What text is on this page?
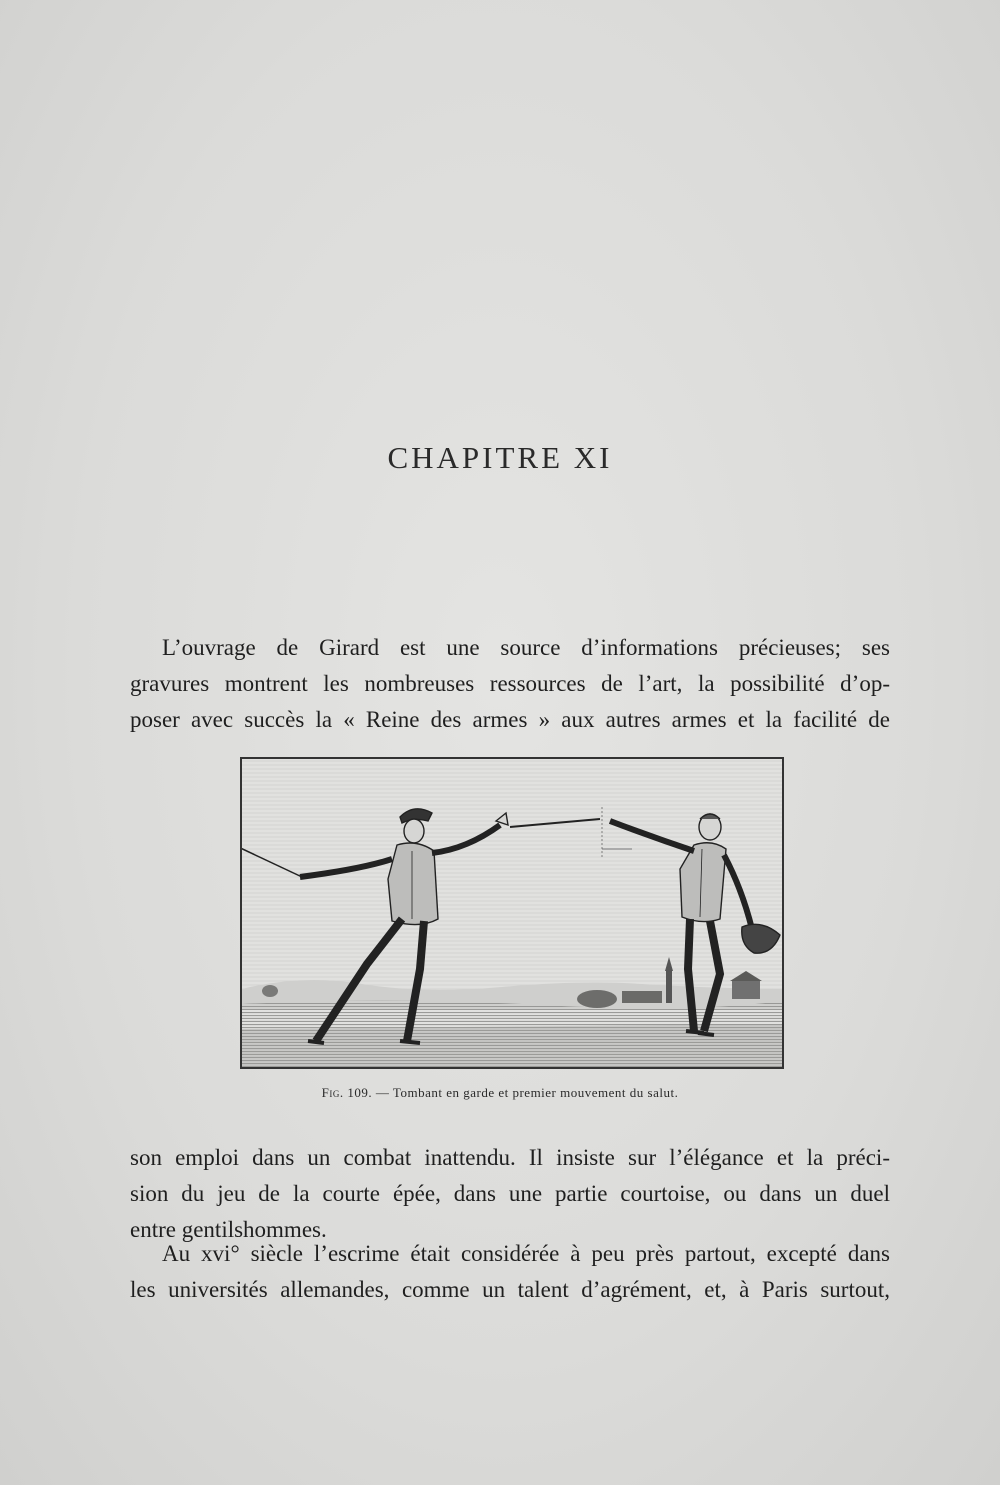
CHAPITRE XI
L’ouvrage de Girard est une source d’informations précieuses; ses
gravures montrent les nombreuses ressources de l’art, la possibilité d’op-
poser avec succès la « Reine des armes » aux autres armes et la facilité de
Fig. 109. — Tombant en garde et premier mouvement du salut.
son emploi dans un combat inattendu. Il insiste sur l’élégance et la préci-
sion du jeu de la courte épée, dans une partie courtoise, ou dans un duel
entre gentilshommes.
Au xvi° siècle l’escrime était considérée à peu près partout, excepté dans
les universités allemandes, comme un talent d’agrément, et, à Paris surtout,
